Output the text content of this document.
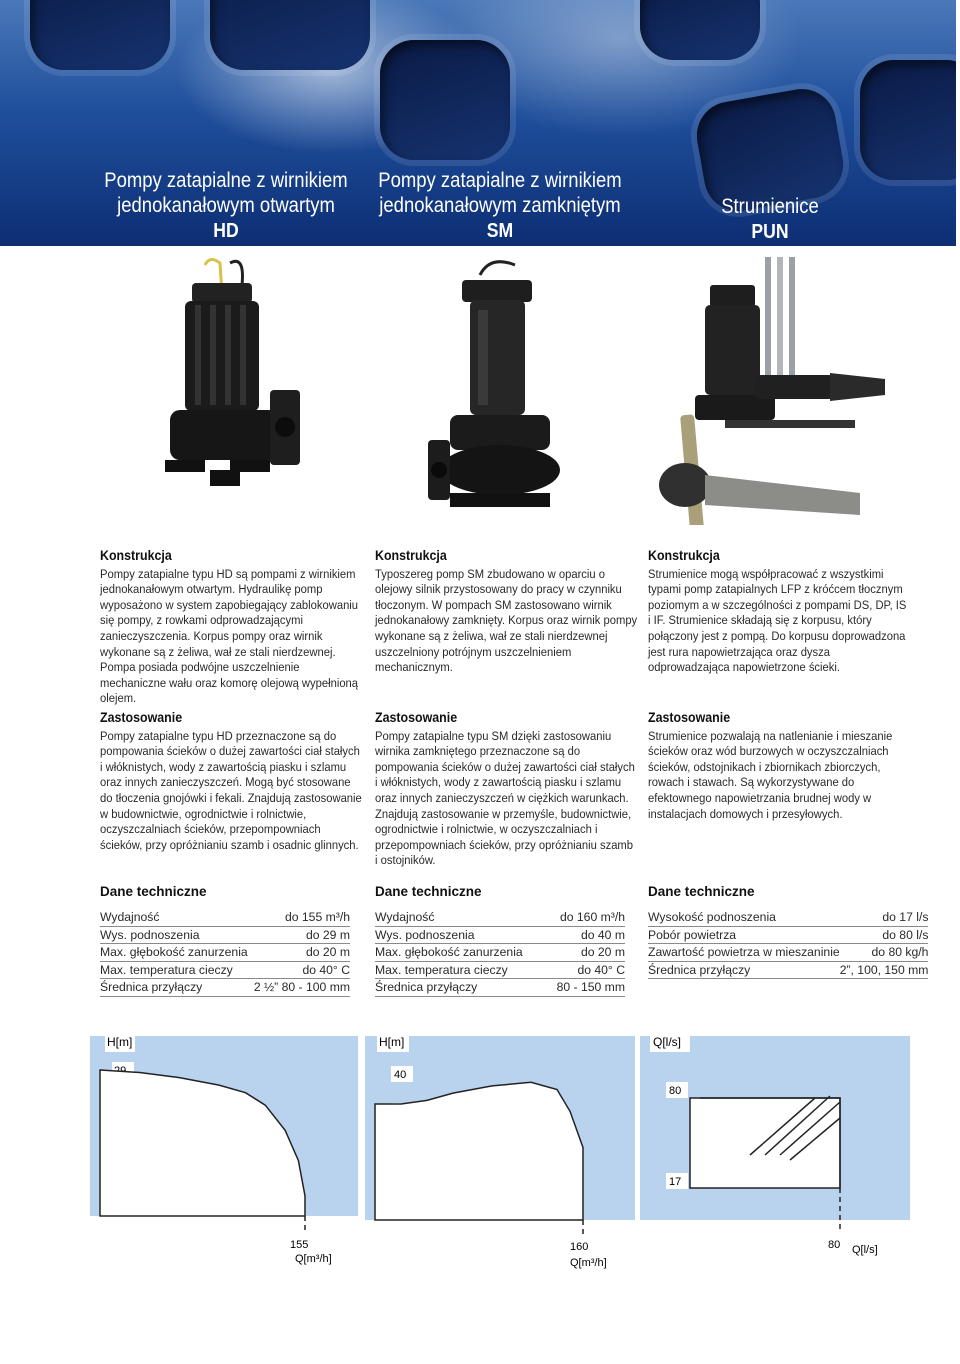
Pompy zatapialne z wirnikiem
jednokanałowym otwartym
HD
Pompy zatapialne z wirnikiem
jednokanałowym zamkniętym
SM
Strumienice
PUN
Konstrukcja

Pompy zatapialne typu HD są pompami z wirnikiem jednokanałowym otwartym. Hydraulikę pomp wyposażono w system zapobiegający zablokowaniu się pompy, z rowkami odprowadzającymi zanieczyszczenia. Korpus pompy oraz wirnik wykonane są z żeliwa, wał ze stali nierdzewnej. Pompa posiada podwójne uszczelnienie mechaniczne wału oraz komorę olejową wypełnioną olejem.

Konstrukcja

Typoszereg pomp SM zbudowano w oparciu o olejowy silnik przystosowany do pracy w czynniku tłoczonym. W pompach SM zastosowano wirnik jednokanałowy zamknięty. Korpus oraz wirnik pompy wykonane są z żeliwa, wał ze stali nierdzewnej uszczelniony potrójnym uszczelnieniem mechanicznym.

Konstrukcja

Strumienice mogą współpracować z wszystkimi typami pomp zatapialnych LFP z króćcem tłocznym poziomym a w szczególności z pompami DS, DP, IS i IF. Strumienice składają się z korpusu, który połączony jest z pompą. Do korpusu doprowadzona jest rura napowietrzająca oraz dysza odprowadzająca napowietrzone ścieki.

Zastosowanie

Pompy zatapialne typu HD przeznaczone są do pompowania ścieków o dużej zawartości ciał stałych i włóknistych, wody z zawartością piasku i szlamu oraz innych zanieczyszczeń. Mogą być stosowane do tłoczenia gnojówki i fekali. Znajdują zastosowanie w budownictwie, ogrodnictwie i rolnictwie, oczyszczalniach ścieków, przepompowniach ścieków, przy opróżnianiu szamb i osadnic glinnych.

Zastosowanie

Pompy zatapialne typu SM dzięki zastosowaniu wirnika zamkniętego przeznaczone są do pompowania ścieków o dużej zawartości ciał stałych i włóknistych, wody z zawartością piasku i szlamu oraz innych zanieczyszczeń w ciężkich warunkach. Znajdują zastosowanie w przemyśle, budownictwie, ogrodnictwie i rolnictwie, w oczyszczalniach i przepompowniach ścieków, przy opróżnianiu szamb i ostojników.

Zastosowanie

Strumienice pozwalają na natlenianie i mieszanie ścieków oraz wód burzowych w oczyszczalniach ścieków, odstojnikach i zbiornikach zbiorczych, rowach i stawach. Są wykorzystywane do efektownego napowietrzania brudnej wody w instalacjach domowych i przesyłowych.

Dane techniczne
Wydajność	do 155 m³/h
Wys. podnoszenia	do 29 m
Max. głębokość zanurzenia	do 20 m
Max. temperatura cieczy	do 40° C
Średnica przyłączy	2 ½” 80 - 100 mm
Dane techniczne
Wydajność	do 160 m³/h
Wys. podnoszenia	do 40 m
Max. głębokość zanurzenia	do 20 m
Max. temperatura cieczy	do 40° C
Średnica przyłączy	80 - 150 mm
Dane techniczne
Wysokość podnoszenia	do 17 l/s
Pobór powietrza	do 80 l/s
Zawartość powietrza w mieszaninie	do 80 kg/h
Średnica przyłączy	2”, 100, 150 mm
H[m]
155
Q[m³/h]
H[m]
40
160
Q[m³/h]
Q[l/s]
80
17
80 Q[l/s]
